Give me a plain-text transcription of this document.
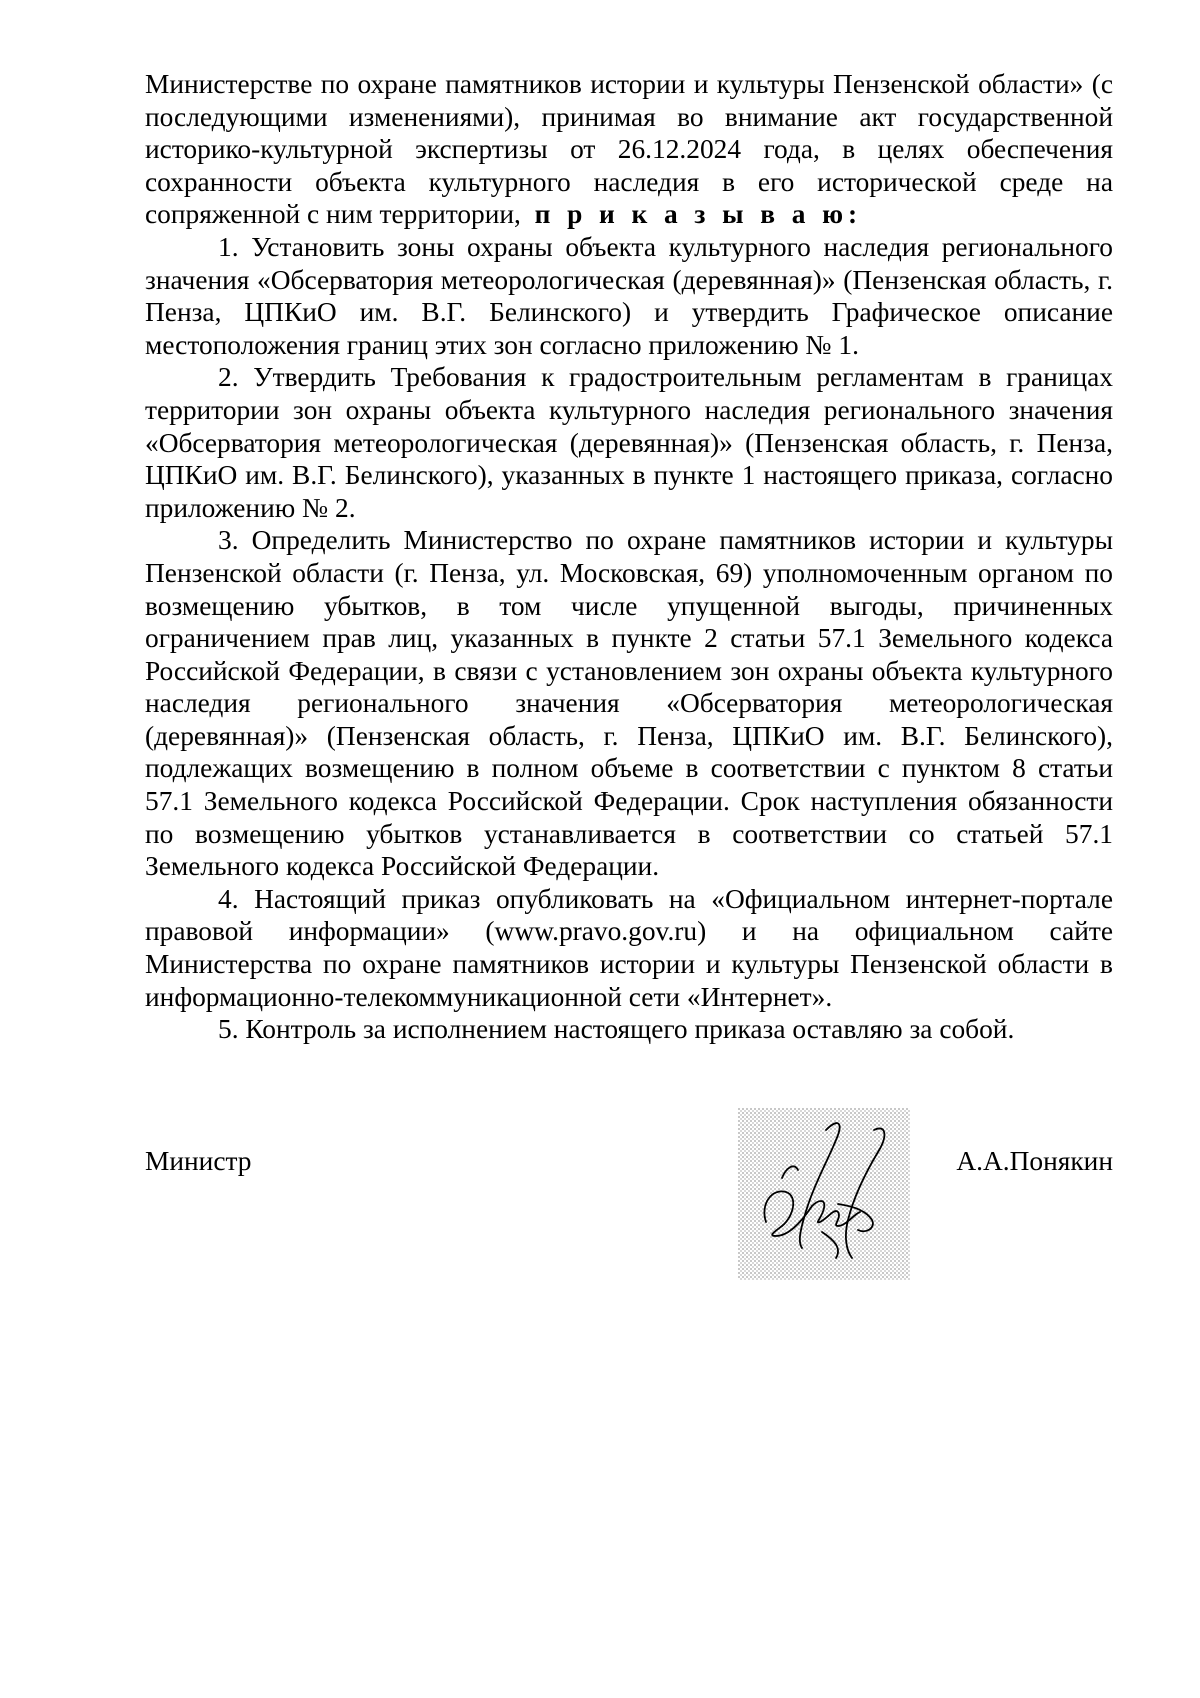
Министерстве по охране памятников истории и культуры Пензенской области» (с последующими изменениями), принимая во внимание акт государственной историко-культурной экспертизы от 26.12.2024 года, в целях обеспечения сохранности объекта культурного наследия в его исторической среде на сопряженной с ним территории, п р и к а з ы в а ю:

1. Установить зоны охраны объекта культурного наследия регионального значения «Обсерватория метеорологическая (деревянная)» (Пензенская область, г. Пенза, ЦПКиО им. В.Г. Белинского) и утвердить Графическое описание местоположения границ этих зон согласно приложению № 1.

2. Утвердить Требования к градостроительным регламентам в границах территории зон охраны объекта культурного наследия регионального значения «Обсерватория метеорологическая (деревянная)» (Пензенская область, г. Пенза, ЦПКиО им. В.Г. Белинского), указанных в пункте 1 настоящего приказа, согласно приложению № 2.

3. Определить Министерство по охране памятников истории и культуры Пензенской области (г. Пенза, ул. Московская, 69) уполномоченным органом по возмещению убытков, в том числе упущенной выгоды, причиненных ограничением прав лиц, указанных в пункте 2 статьи 57.1 Земельного кодекса Российской Федерации, в связи с установлением зон охраны объекта культурного наследия регионального значения «Обсерватория метеорологическая (деревянная)» (Пензенская область, г. Пенза, ЦПКиО им. В.Г. Белинского), подлежащих возмещению в полном объеме в соответствии с пунктом 8 статьи 57.1 Земельного кодекса Российской Федерации. Срок наступления обязанности по возмещению убытков устанавливается в соответствии со статьей 57.1 Земельного кодекса Российской Федерации.

4. Настоящий приказ опубликовать на «Официальном интернет-портале правовой информации» (www.pravo.gov.ru) и на официальном сайте Министерства по охране памятников истории и культуры Пензенской области в информационно-телекоммуникационной сети «Интернет».

5. Контроль за исполнением настоящего приказа оставляю за собой.

Министр	А.А.Понякин
